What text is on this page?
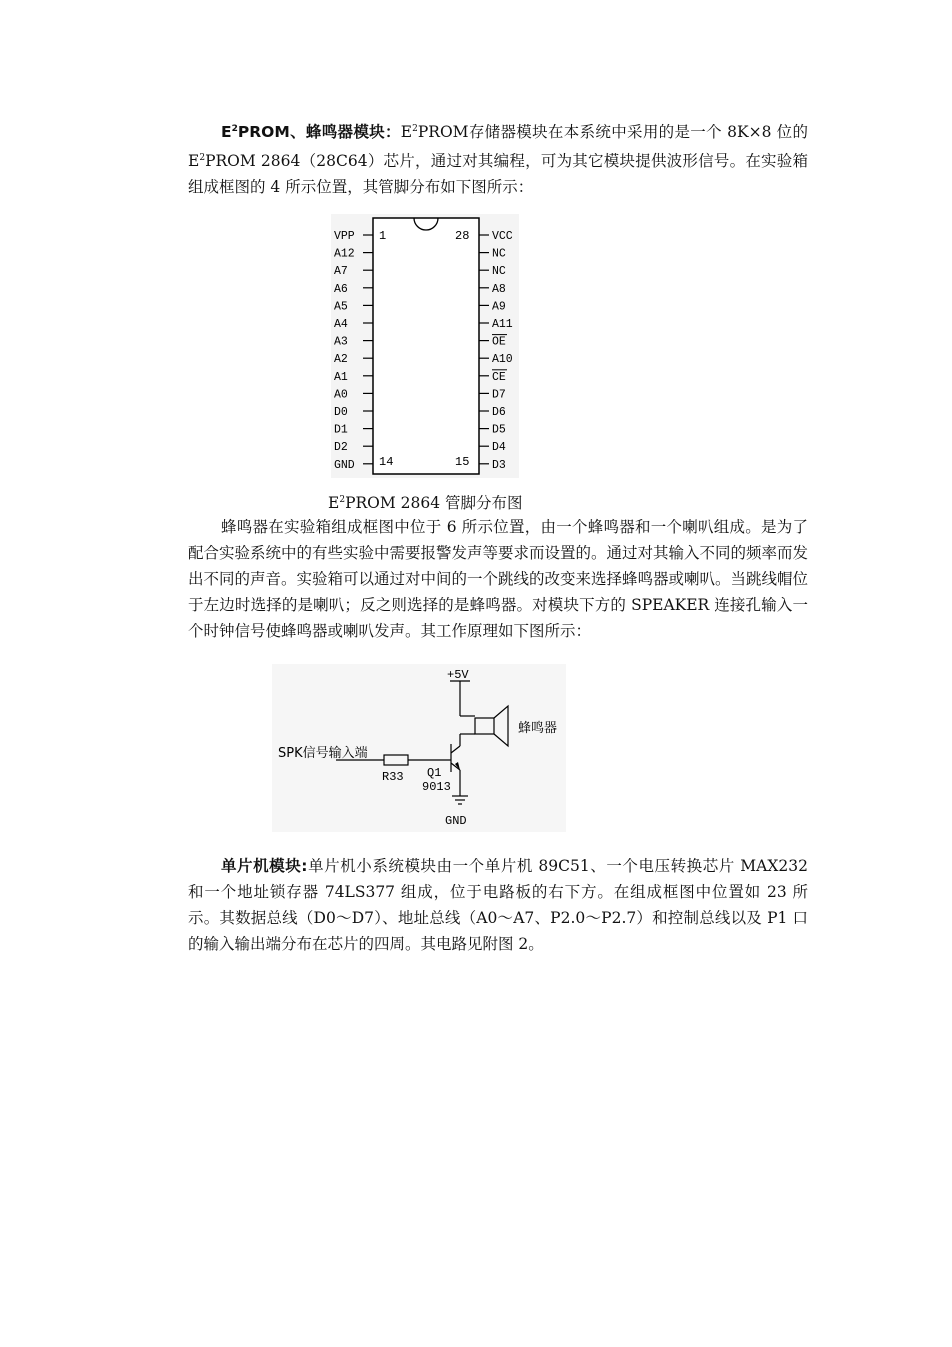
$E^2PROM$、蜂鸣器模块：$E^2PROM$存储器模块在本系统中采用的是一个 8K×8 位的$E^2PROM$ 2864（28C64）芯片，通过对其编程，可为其它模块提供波形信号。在实验箱组成框图的 4 所示位置，其管脚分布如下图所示：

VPP
A12
A7
A6
A5
A4
A3
A2
A1
A0
D0
D1
D2
GND
VCC
NC
NC
A8
A9
A11
OE
A10
CE
D7
D6
D5
D4
D3
1	28
14	15
$E^2PROM$ 2864 管脚分布图

蜂鸣器在实验箱组成框图中位于 6 所示位置，由一个蜂鸣器和一个喇叭组成。是为了配合实验系统中的有些实验中需要报警发声等要求而设置的。通过对其输入不同的频率而发出不同的声音。实验箱可以通过对中间的一个跳线的改变来选择蜂鸣器或喇叭。当跳线帽位于左边时选择的是喇叭；反之则选择的是蜂鸣器。对模块下方的 SPEAKER 连接孔输入一个时钟信号使蜂鸣器或喇叭发声。其工作原理如下图所示：

+5V
蜂鸣器
SPK信号输入端
R33 Q1
9013
GND

单片机模块:单片机小系统模块由一个单片机 89C51、一个电压转换芯片 MAX232 和一个地址锁存器 74LS377 组成，位于电路板的右下方。在组成框图中位置如 23 所示。其数据总线（D0～D7）、地址总线（A0～A7、P2.0～P2.7）和控制总线以及 P1 口的输入输出端分布在芯片的四周。其电路见附图 2。
